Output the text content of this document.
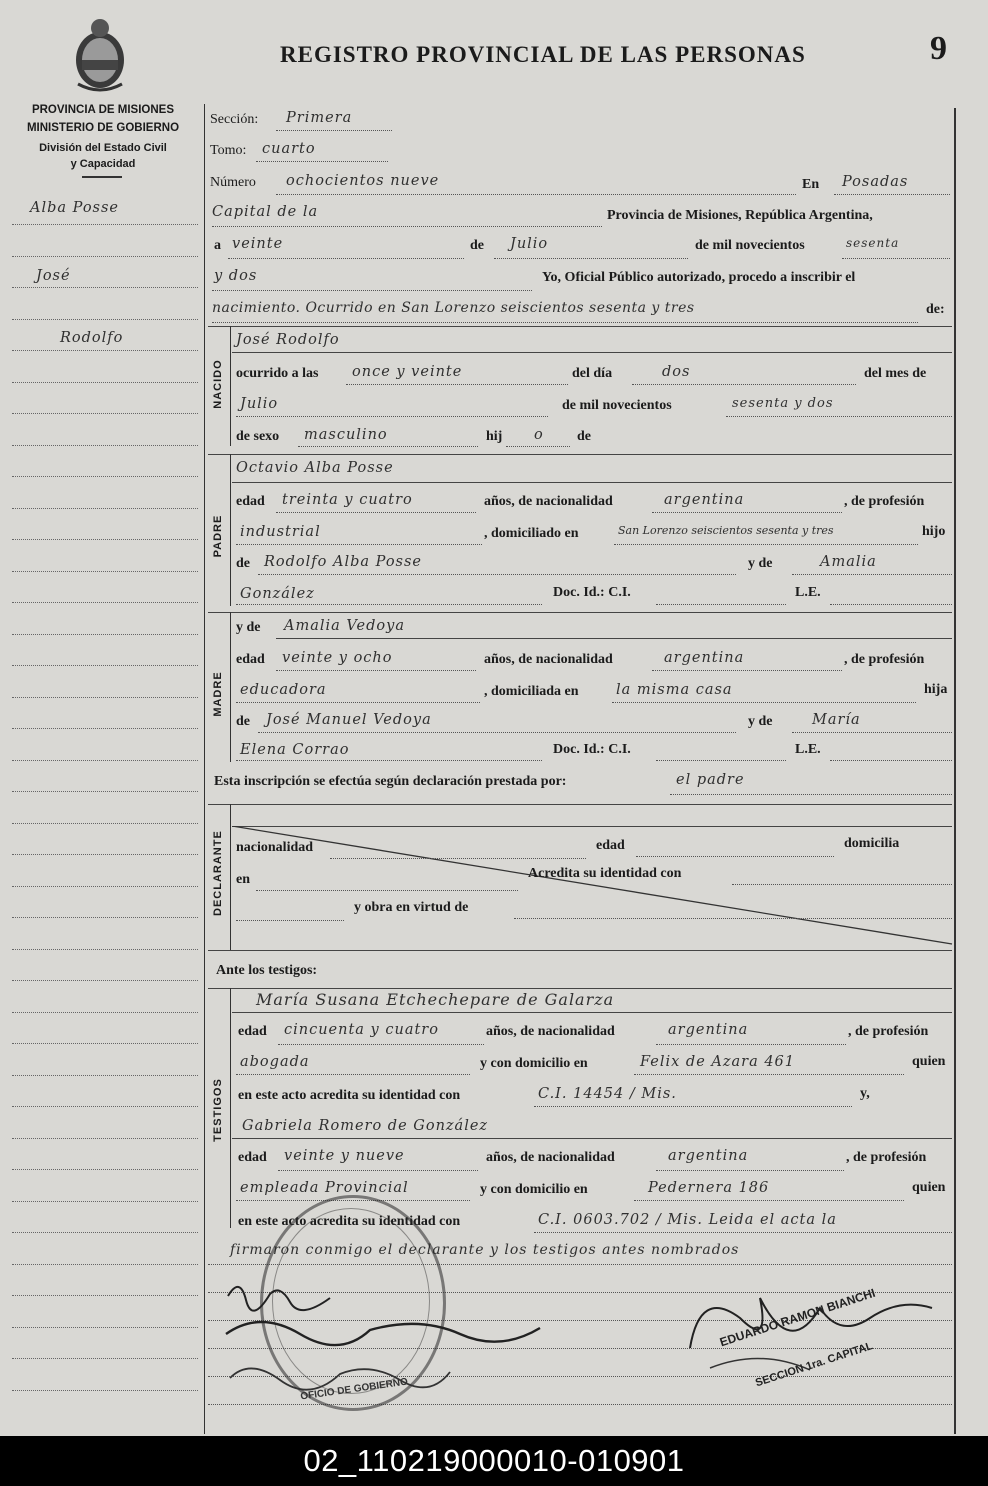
PROVINCIA DE MISIONES
MINISTERIO DE GOBIERNO
División del Estado Civil
y Capacidad
REGISTRO PROVINCIAL DE LAS PERSONAS	9
Alba Posse
José
Rodolfo
Sección: Primera
Tomo: cuarto
Número ochocientos nueve	En Posadas
Capital de la	Provincia de Misiones, República Argentina,
a veinte	de Julio	de mil novecientos	sesenta
y dos	Yo, Oficial Público autorizado, procedo a inscribir el
nacimiento. Ocurrido en San Lorenzo seiscientos sesenta y tres	de:
NACIDO
José Rodolfo
ocurrido a las once y veinte	del día	dos	del mes de
Julio	de mil novecientos	sesenta y dos
de sexo masculino	hij o de
PADRE
Octavio Alba Posse
edad treinta y cuatro	años, de nacionalidad	argentina	, de profesión
industrial	, domiciliado en	San Lorenzo seiscientos sesenta y tres	hijo
de Rodolfo Alba Posse	y de	Amalia
González	Doc. Id.: C.I.	L.E.
MADRE
y de Amalia Vedoya
edad veinte y ocho	años, de nacionalidad	argentina	, de profesión
educadora	, domiciliada en	la misma casa	hija
de José Manuel Vedoya	y de	María
Elena Corrao	Doc. Id.: C.I.	L.E.
Esta inscripción se efectúa según declaración prestada por:	el padre
DECLARANTE nacionalidad	edad	domicilia
en	Acredita su identidad con
y obra en virtud de
Ante los testigos:
TESTIGOS
María Susana Etchechepare de Galarza
edad cincuenta y cuatro	años, de nacionalidad	argentina	, de profesión
abogada	y con domicilio en	Felix de Azara 461	quien
en este acto acredita su identidad con	C.I. 14454 / Mis.	y,
Gabriela Romero de González
edad veinte y nueve	años, de nacionalidad	argentina	, de profesión
empleada Provincial	y con domicilio en	Pedernera 186	quien
en este acto acredita su identidad con	C.I. 0603.702 / Mis. Leida el acta la
firmaron conmigo el declarante y los testigos antes nombrados
OFICIO DE GOBIERNO
EDUARDO RAMON BIANCHI
SECCION 1ra. CAPITAL
02_110219000010-010901
